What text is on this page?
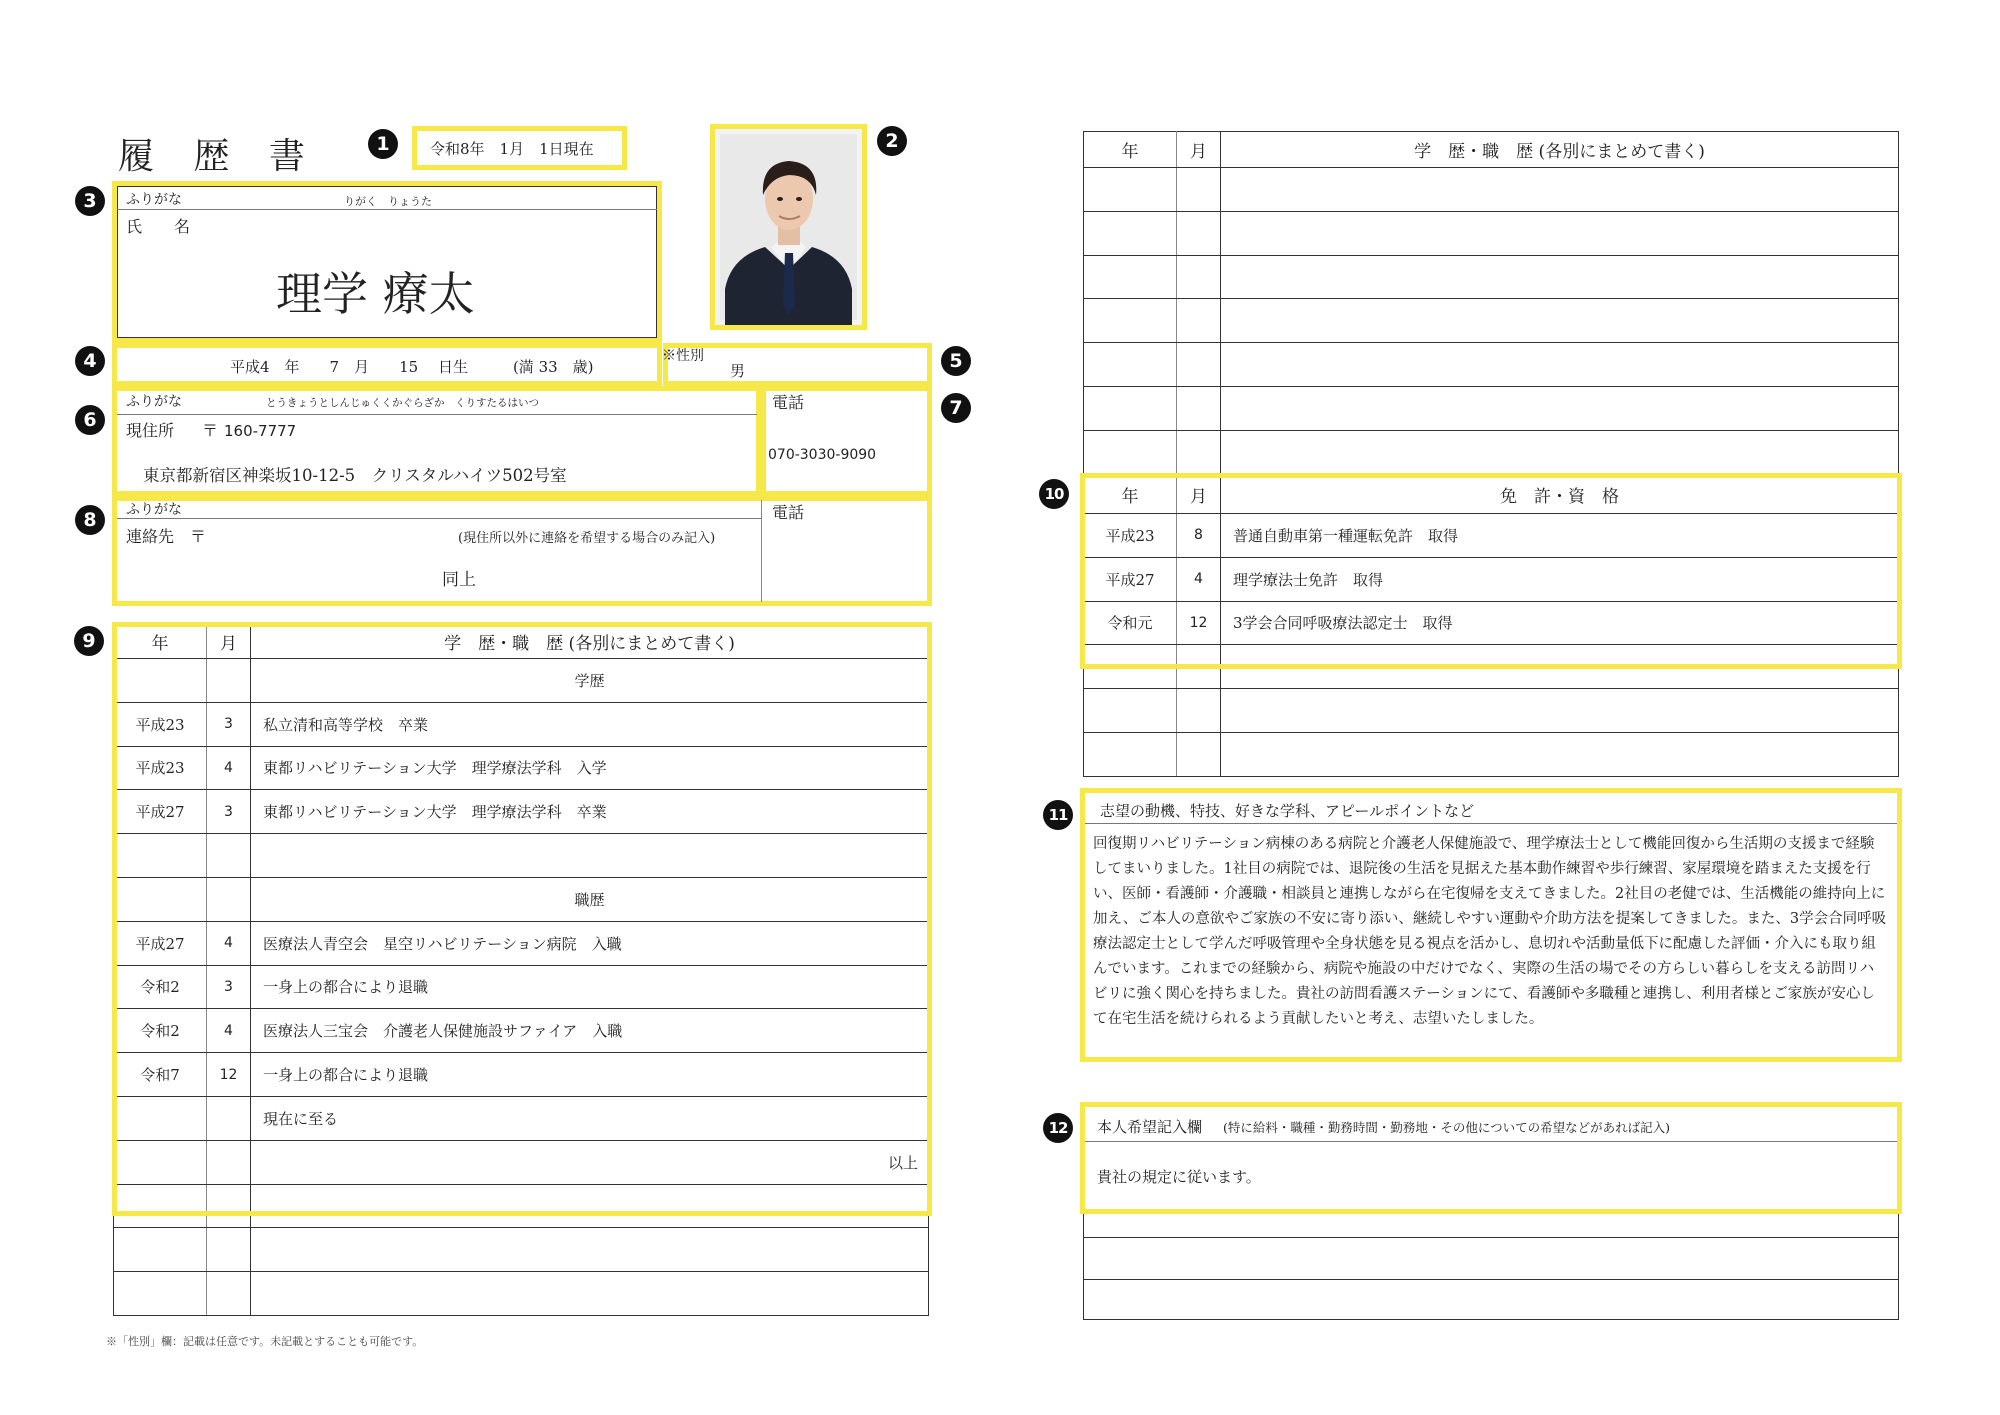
履 歴 書	1	令和8年　1月　1日現在	2
3	ふりがな	りがく　りょうた
氏　　名
理学 療太
4	平成4　年　　7　月　　15　 日生　　　(満 33　歳)
※性別
男	5
6
ふりがな	とうきょうとしんじゅくくかぐらざか　くりすたるはいつ
現住所 〒 160-7777
東京都新宿区神楽坂10-12-5　クリスタルハイツ502号室
電話
070-3030-9090
7
8	ふりがな
連絡先　〒	(現住所以外に連絡を希望する場合のみ記入)
同上
電話
9	年	月	学　歴・職　歴 (各別にまとめて書く)
		学歴
平成23	3	私立清和高等学校　卒業
平成23	4	東都リハビリテーション大学　理学療法学科　入学
平成27	3	東都リハビリテーション大学　理学療法学科　卒業

		職歴
平成27	4	医療法人青空会　星空リハビリテーション病院　入職
令和2	3	一身上の都合により退職
令和2	4	医療法人三宝会　介護老人保健施設サファイア　入職
令和7	12	一身上の都合により退職
		現在に至る
		以上

※「性別」欄：記載は任意です。未記載とすることも可能です。
年	月	学　歴・職　歴 (各別にまとめて書く)

10	年	月	免　許・資　格
平成23	8	普通自動車第一種運転免許　取得
平成27	4	理学療法士免許　取得
令和元	12	3学会合同呼吸療法認定士　取得

11	志望の動機、特技、好きな学科、アピールポイントなど
回復期リハビリテーション病棟のある病院と介護老人保健施設で、理学療法士として機能回復から生活期の支援まで経験してまいりました。1社目の病院では、退院後の生活を見据えた基本動作練習や歩行練習、家屋環境を踏まえた支援を行い、医師・看護師・介護職・相談員と連携しながら在宅復帰を支えてきました。2社目の老健では、生活機能の維持向上に加え、ご本人の意欲やご家族の不安に寄り添い、継続しやすい運動や介助方法を提案してきました。また、3学会合同呼吸療法認定士として学んだ呼吸管理や全身状態を見る視点を活かし、息切れや活動量低下に配慮した評価・介入にも取り組んでいます。これまでの経験から、病院や施設の中だけでなく、実際の生活の場でその方らしい暮らしを支える訪問リハビリに強く関心を持ちました。貴社の訪問看護ステーションにて、看護師や多職種と連携し、利用者様とご家族が安心して在宅生活を続けられるよう貢献したいと考え、志望いたしました。
12	本人希望記入欄 (特に給料・職種・勤務時間・勤務地・その他についての希望などがあれば記入)
貴社の規定に従います。
